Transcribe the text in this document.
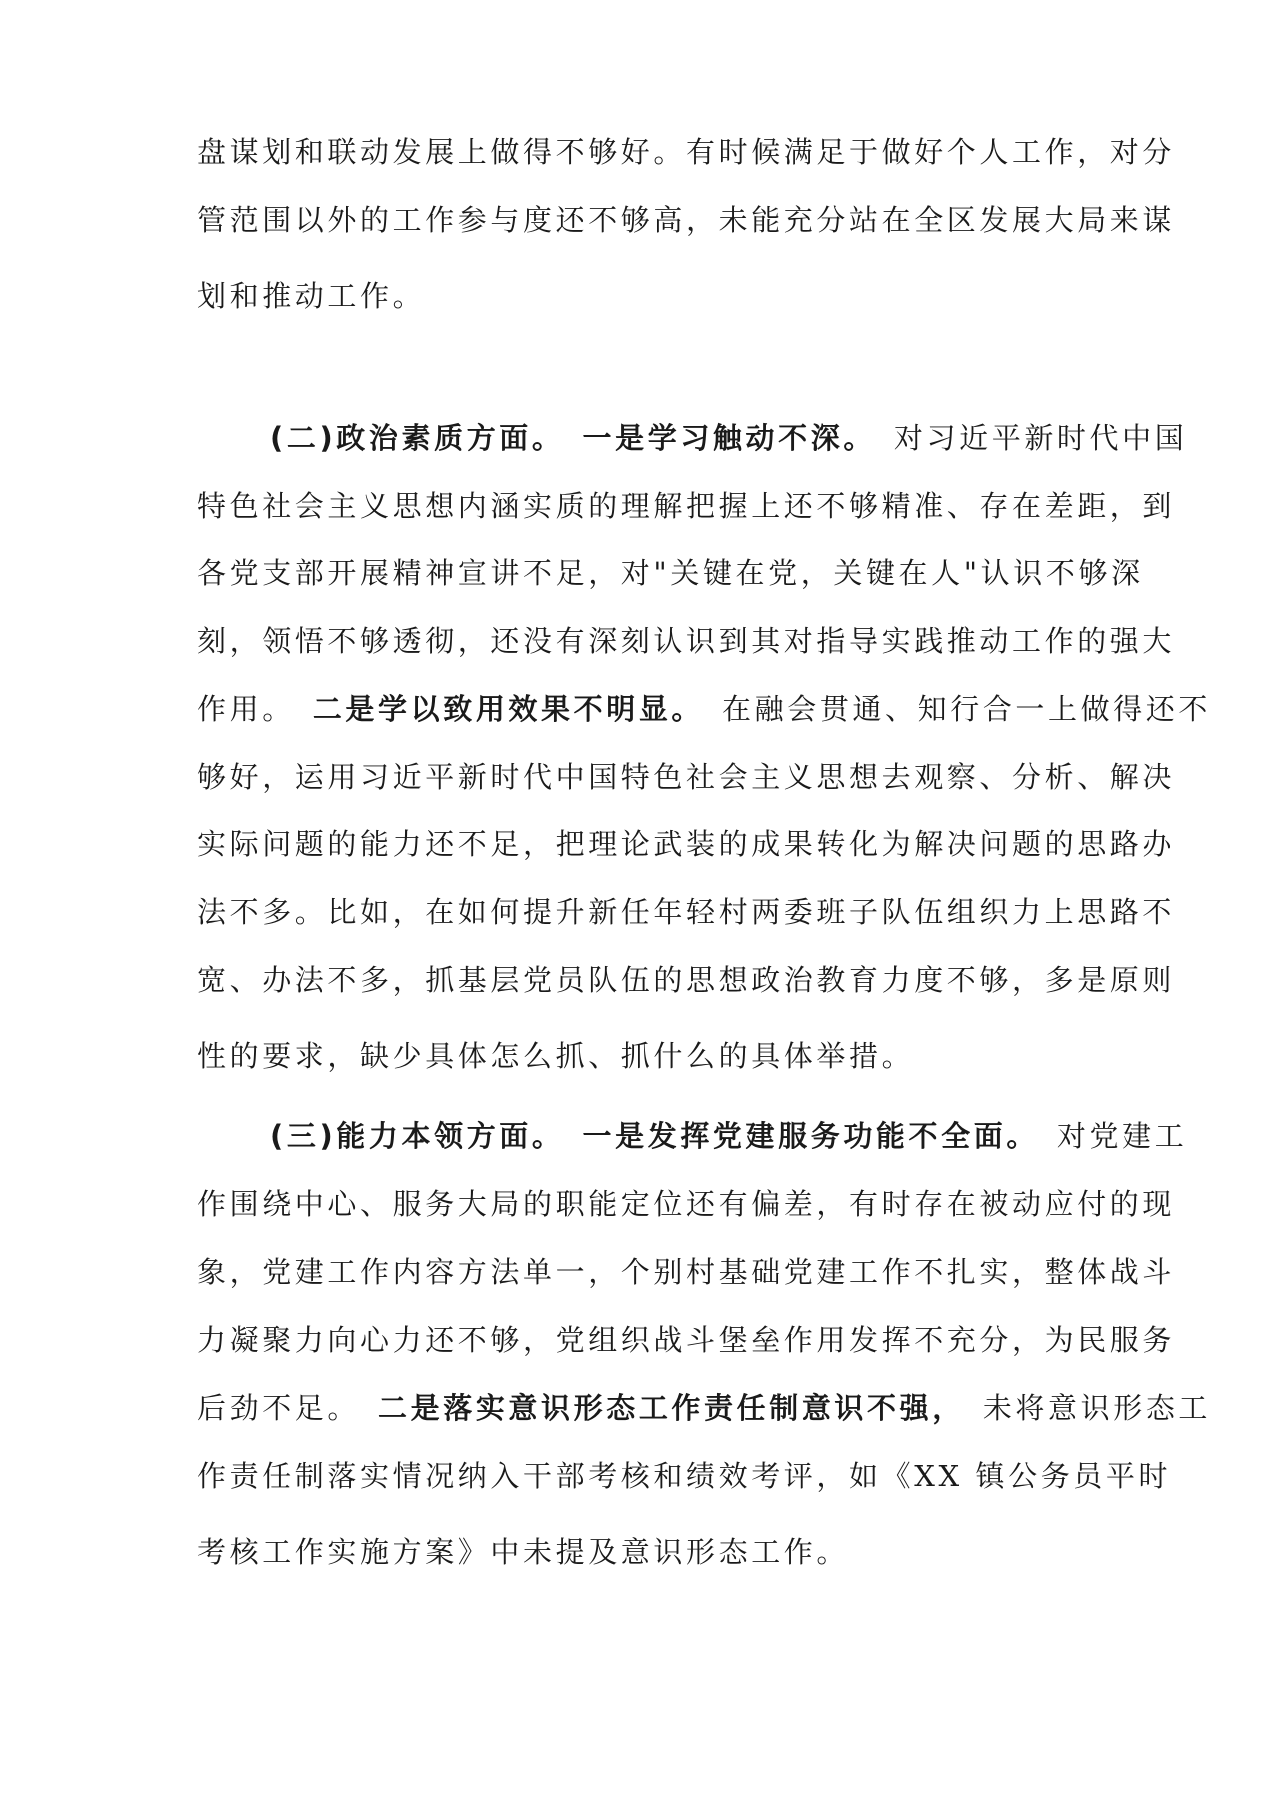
盘谋划和联动发展上做得不够好。有时候满足于做好个人工作，对分
管范围以外的工作参与度还不够高，未能充分站在全区发展大局来谋
划和推动工作。
(二)政治素质方面。 一是学习触动不深。 对习近平新时代中国
特色社会主义思想内涵实质的理解把握上还不够精准、存在差距，到
各党支部开展精神宣讲不足，对"关键在党，关键在人"认识不够深
刻，领悟不够透彻，还没有深刻认识到其对指导实践推动工作的强大
作用。 二是学以致用效果不明显。 在融会贯通、知行合一上做得还不
够好，运用习近平新时代中国特色社会主义思想去观察、分析、解决
实际问题的能力还不足，把理论武装的成果转化为解决问题的思路办
法不多。比如，在如何提升新任年轻村两委班子队伍组织力上思路不
宽、办法不多，抓基层党员队伍的思想政治教育力度不够，多是原则
性的要求，缺少具体怎么抓、抓什么的具体举措。
(三)能力本领方面。 一是发挥党建服务功能不全面。 对党建工
作围绕中心、服务大局的职能定位还有偏差，有时存在被动应付的现
象，党建工作内容方法单一，个别村基础党建工作不扎实，整体战斗
力凝聚力向心力还不够，党组织战斗堡垒作用发挥不充分，为民服务
后劲不足。 二是落实意识形态工作责任制意识不强， 未将意识形态工
作责任制落实情况纳入干部考核和绩效考评，如《XX 镇公务员平时
考核工作实施方案》中未提及意识形态工作。
